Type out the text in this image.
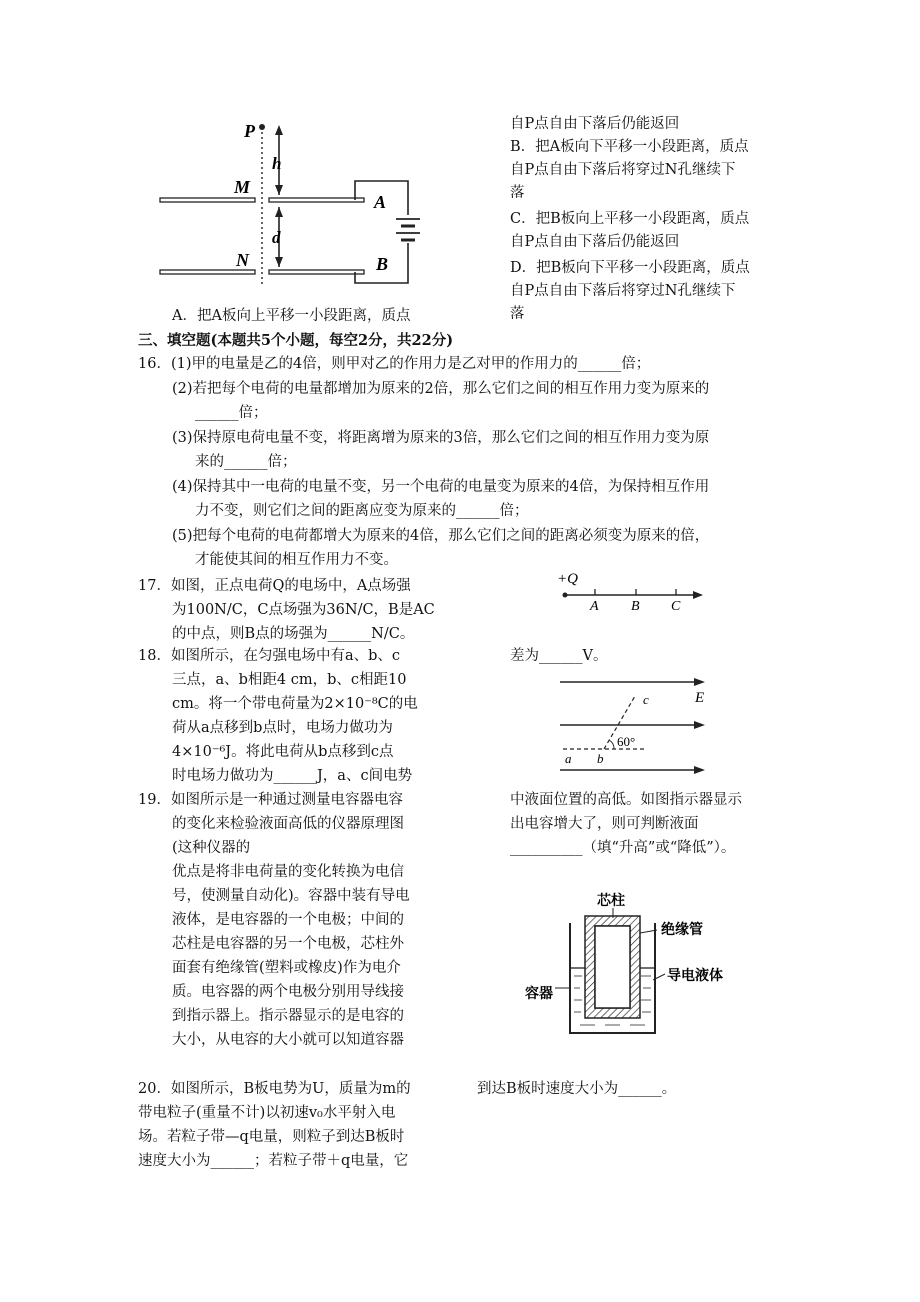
P
M
N
A
B
h
d
A．把A板向上平移一小段距离，质点
自P点自由下落后仍能返回
B．把A板向下平移一小段距离，质点
自P点自由下落后将穿过N孔继续下
落
C．把B板向上平移一小段距离，质点
自P点自由下落后仍能返回
D．把B板向下平移一小段距离，质点
自P点自由下落后将穿过N孔继续下
落
三、填空题(本题共5个小题，每空2分，共22分)
16．(1)甲的电量是乙的4倍，则甲对乙的作用力是乙对甲的作用力的______倍；
(2)若把每个电荷的电量都增加为原来的2倍，那么它们之间的相互作用力变为原来的
______倍；
(3)保持原电荷电量不变，将距离增为原来的3倍，那么它们之间的相互作用力变为原
来的______倍；
(4)保持其中一电荷的电量不变，另一个电荷的电量变为原来的4倍，为保持相互作用
力不变，则它们之间的距离应变为原来的______倍；
(5)把每个电荷的电荷都增大为原来的4倍，那么它们之间的距离必须变为原来的倍，
才能使其间的相互作用力不变。
17．如图，正点电荷Q的电场中，A点场强
为100N/C，C点场强为36N/C，B是AC
的中点，则B点的场强为______N/C。
+Q
A B C
18．如图所示，在匀强电场中有a、b、c
三点，a、b相距4 cm，b、c相距10
cm。将一个带电荷量为2×10⁻⁸C的电
荷从a点移到b点时，电场力做功为
4×10⁻⁶J。将此电荷从b点移到c点
时电场力做功为______J，a、c间电势
差为______V。
E
c
60°
a b
19．如图所示是一种通过测量电容器电容
的变化来检验液面高低的仪器原理图
(这种仪器的
优点是将非电荷量的变化转换为电信
号，使测量自动化)。容器中装有导电
液体，是电容器的一个电极；中间的
芯柱是电容器的另一个电极，芯柱外
面套有绝缘管(塑料或橡皮)作为电介
质。电容器的两个电极分别用导线接
到指示器上。指示器显示的是电容的
大小，从电容的大小就可以知道容器
中液面位置的高低。如图指示器显示
出电容增大了，则可判断液面
__________（填“升高”或“降低”）。
芯柱
绝缘管
导电液体
容器
20．如图所示，B板电势为U，质量为m的
带电粒子(重量不计)以初速v₀水平射入电
场。若粒子带—q电量，则粒子到达B板时
速度大小为______；若粒子带＋q电量，它
到达B板时速度大小为______。
